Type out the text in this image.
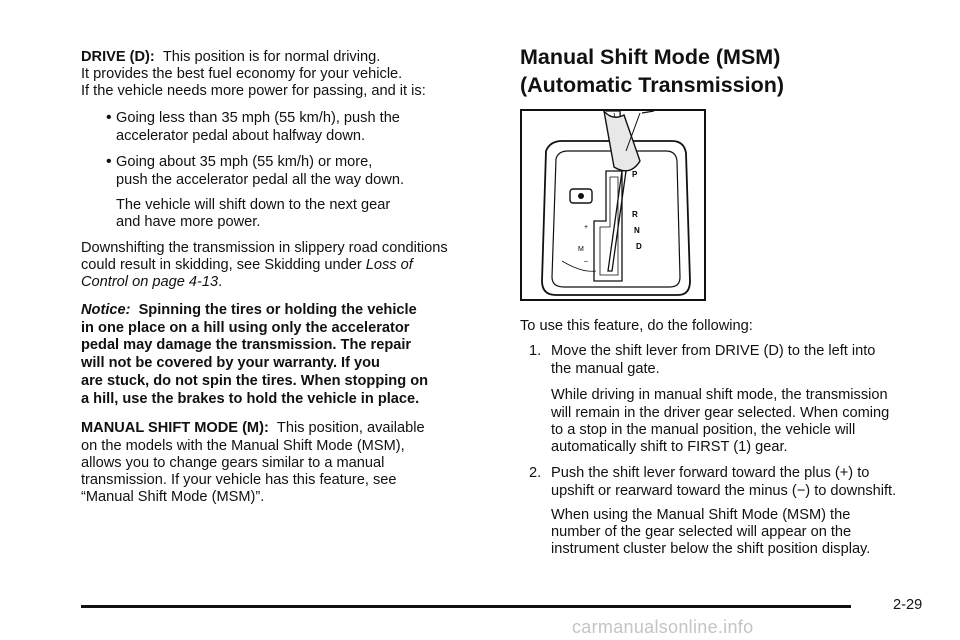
DRIVE (D): This position is for normal driving.

It provides the best fuel economy for your vehicle.

If the vehicle needs more power for passing, and it is:

• Going less than 35 mph (55 km/h), push the

accelerator pedal about halfway down.

• Going about 35 mph (55 km/h) or more,

push the accelerator pedal all the way down.

The vehicle will shift down to the next gear

and have more power.

Downshifting the transmission in slippery road conditions

could result in skidding, see Skidding under Loss of

Control on page 4-13.

Notice: Spinning the tires or holding the vehicle

in one place on a hill using only the accelerator

pedal may damage the transmission. The repair

will not be covered by your warranty. If you

are stuck, do not spin the tires. When stopping on

a hill, use the brakes to hold the vehicle in place.

MANUAL SHIFT MODE (M): This position, available

on the models with the Manual Shift Mode (MSM),

allows you to change gears similar to a manual

transmission. If your vehicle has this feature, see

“Manual Shift Mode (MSM)”.

Manual Shift Mode (MSM)
(Automatic Transmission)
P
R
N
D
M
+
–

To use this feature, do the following:

1. Move the shift lever from DRIVE (D) to the left into

the manual gate.

While driving in manual shift mode, the transmission

will remain in the driver gear selected. When coming

to a stop in the manual position, the vehicle will

automatically shift to FIRST (1) gear.

2. Push the shift lever forward toward the plus (+) to

upshift or rearward toward the minus (−) to downshift.

When using the Manual Shift Mode (MSM) the

number of the gear selected will appear on the

instrument cluster below the shift position display.

2-29
carmanualsonline.info
